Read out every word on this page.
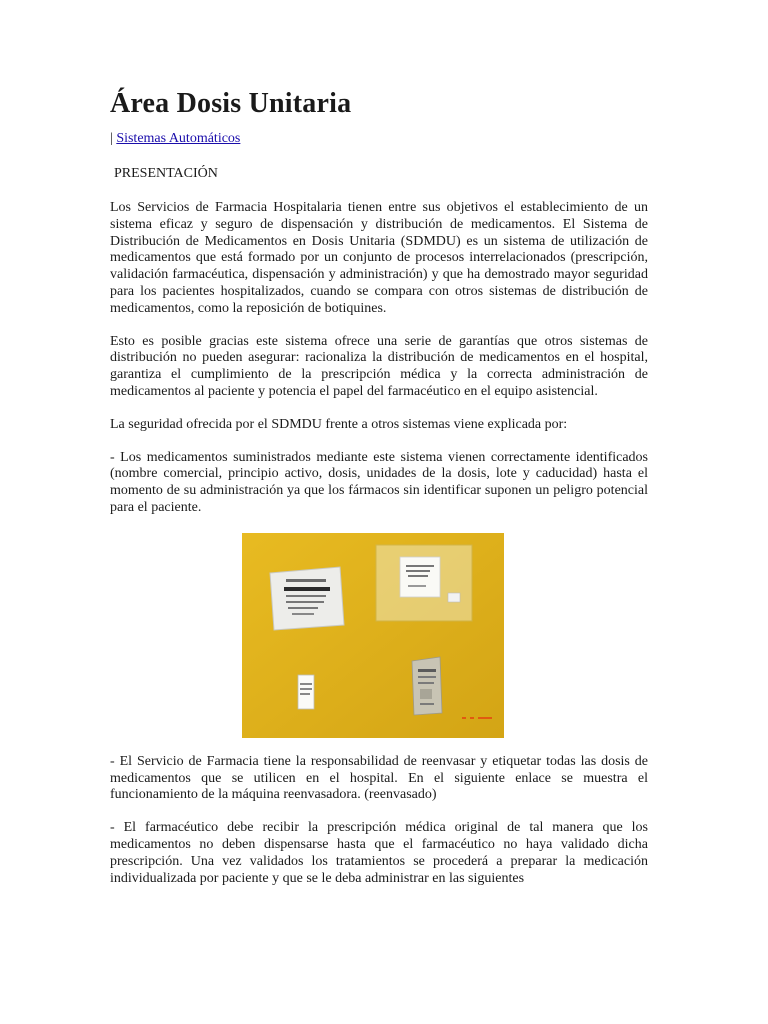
Área Dosis Unitaria
| Sistemas Automáticos
PRESENTACIÓN

Los Servicios de Farmacia Hospitalaria tienen entre sus objetivos el establecimiento de un sistema eficaz y seguro de dispensación y distribución de medicamentos. El Sistema de Distribución de Medicamentos en Dosis Unitaria (SDMDU) es un sistema de utilización de medicamentos que está formado por un conjunto de procesos interrelacionados (prescripción, validación farmacéutica, dispensación y administración) y que ha demostrado mayor seguridad para los pacientes hospitalizados, cuando se compara con otros sistemas de distribución de medicamentos, como la reposición de botiquines.

Esto es posible gracias este sistema ofrece una serie de garantías que otros sistemas de distribución no pueden asegurar: racionaliza la distribución de medicamentos en el hospital, garantiza el cumplimiento de la prescripción médica y la correcta administración de medicamentos al paciente y potencia el papel del farmacéutico en el equipo asistencial.

La seguridad ofrecida por el SDMDU frente a otros sistemas viene explicada por:

- Los medicamentos suministrados mediante este sistema vienen correctamente identificados (nombre comercial, principio activo, dosis, unidades de la dosis, lote y caducidad) hasta el momento de su administración ya que los fármacos sin identificar suponen un peligro potencial para el paciente.

- El Servicio de Farmacia tiene la responsabilidad de reenvasar y etiquetar todas las dosis de medicamentos que se utilicen en el hospital. En el siguiente enlace se muestra el funcionamiento de la máquina reenvasadora. (reenvasado)

- El farmacéutico debe recibir la prescripción médica original de tal manera que los medicamentos no deben dispensarse hasta que el farmacéutico no haya validado dicha prescripción. Una vez validados los tratamientos se procederá a preparar la medicación individualizada por paciente y que se le deba administrar en las siguientes
